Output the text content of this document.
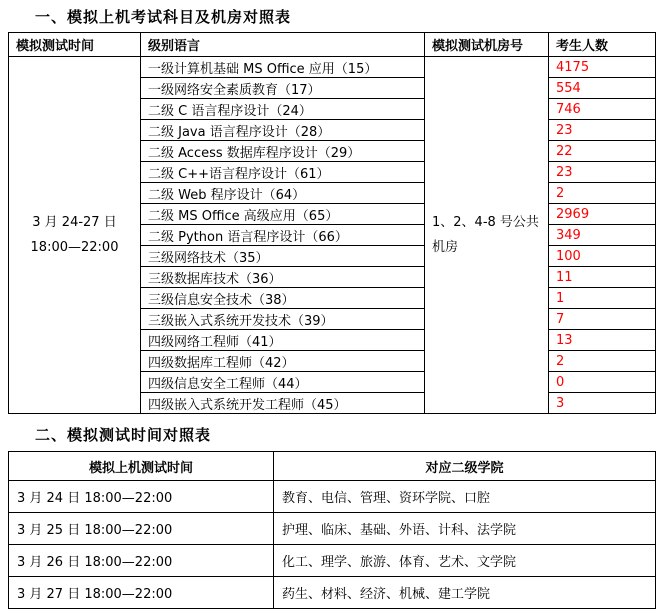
一、模拟上机考试科目及机房对照表
模拟测试时间	级别语言	模拟测试机房号	考生人数

3 月 24-27 日
18:00—22:00	一级计算机基础 MS Office 应用（15）	1、2、4-8 号公共机房	4175
	一级网络安全素质教育（17）		554
	二级 C 语言程序设计（24）		746
	二级 Java 语言程序设计（28）		23
	二级 Access 数据库程序设计（29）		22
	二级 C++语言程序设计（61）		23
	二级 Web 程序设计（64）		2
	二级 MS Office 高级应用（65）		2969
	二级 Python 语言程序设计（66）		349
	三级网络技术（35）		100
	三级数据库技术（36）		11
	三级信息安全技术（38）		1
	三级嵌入式系统开发技术（39）		7
	四级网络工程师（41）		13
	四级数据库工程师（42）		2
	四级信息安全工程师（44）		0
	四级嵌入式系统开发工程师（45）		3
二、模拟测试时间对照表
模拟上机测试时间	对应二级学院
3 月 24 日 18:00—22:00	教育、电信、管理、资环学院、口腔
3 月 25 日 18:00—22:00	护理、临床、基础、外语、计科、法学院
3 月 26 日 18:00—22:00	化工、理学、旅游、体育、艺术、文学院
3 月 27 日 18:00—22:00	药生、材料、经济、机械、建工学院
